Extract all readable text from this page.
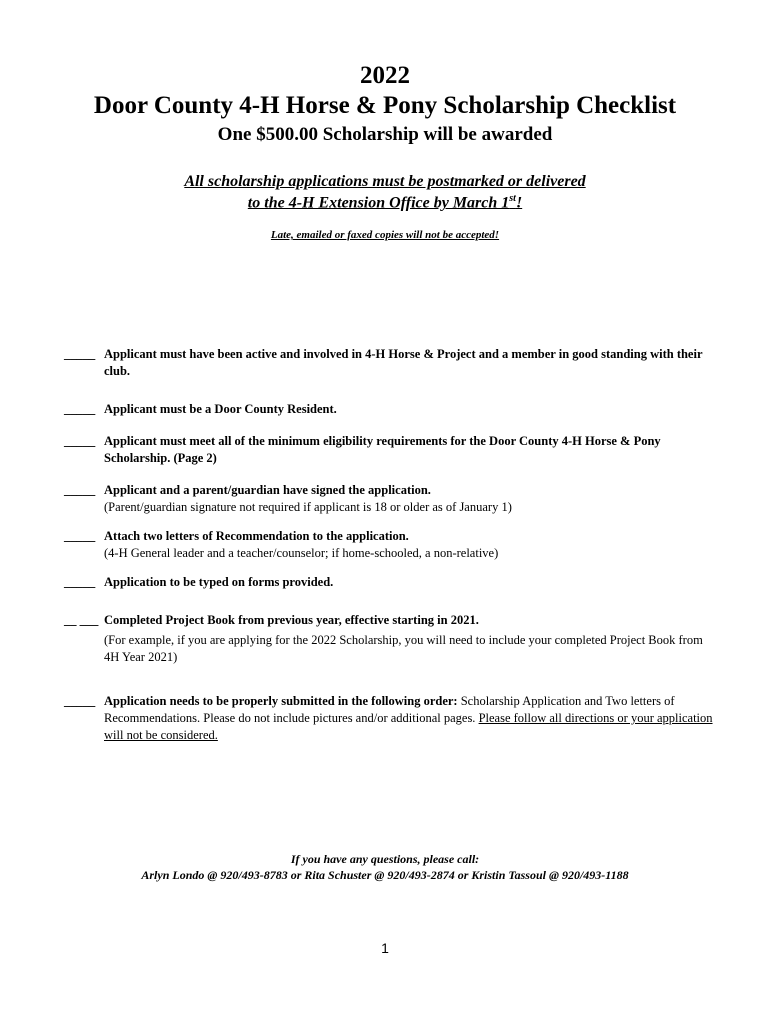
2022
Door County 4-H Horse & Pony Scholarship Checklist
One $500.00 Scholarship will be awarded
All scholarship applications must be postmarked or delivered
to the 4-H Extension Office by March 1st!
Late, emailed or faxed copies will not be accepted!
_____ Applicant must have been active and involved in 4-H Horse & Project and a member in good standing with their club.
_____ Applicant must be a Door County Resident.
_____ Applicant must meet all of the minimum eligibility requirements for the Door County 4-H Horse & Pony Scholarship. (Page 2)
_____ Applicant and a parent/guardian have signed the application.
(Parent/guardian signature not required if applicant is 18 or older as of January 1)
_____ Attach two letters of Recommendation to the application.
(4-H General leader and a teacher/counselor; if home-schooled, a non-relative)
_____ Application to be typed on forms provided.
__ ___ Completed Project Book from previous year, effective starting in 2021.
(For example, if you are applying for the 2022 Scholarship, you will need to include your completed Project Book from 4H Year 2021)
_____ Application needs to be properly submitted in the following order: Scholarship Application and Two letters of Recommendations. Please do not include pictures and/or additional pages. Please follow all directions or your application will not be considered.
If you have any questions, please call:
Arlyn Londo @ 920/493-8783 or Rita Schuster @ 920/493-2874 or Kristin Tassoul @ 920/493-1188
1
